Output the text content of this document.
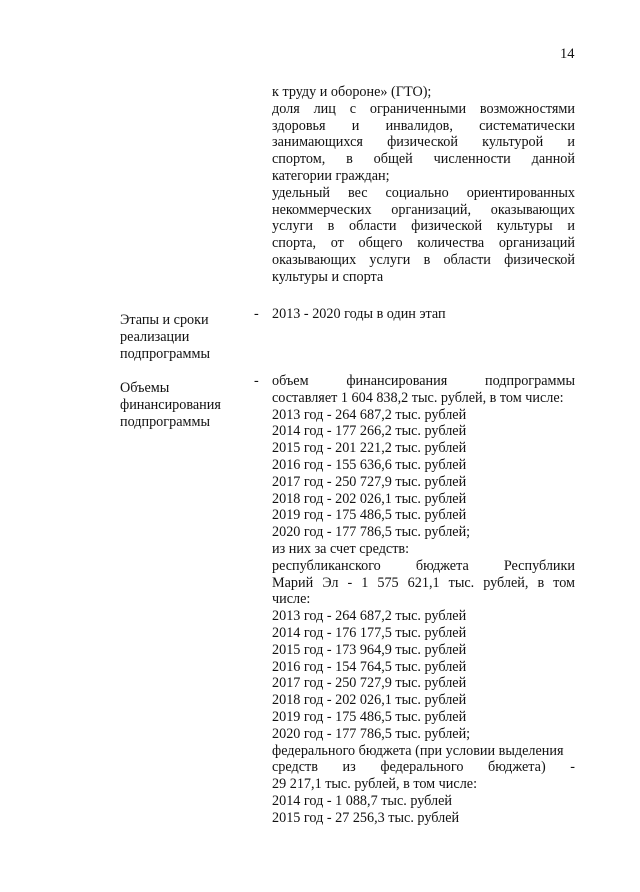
14
к труду и обороне» (ГТО);
доля лиц с ограниченными возможностями
здоровья и инвалидов, систематически
занимающихся физической культурой и
спортом, в общей численности данной
категории граждан;
удельный вес социально ориентированных
некоммерческих организаций, оказывающих
услуги в области физической культуры и
спорта, от общего количества организаций
оказывающих услуги в области физической
культуры и спорта
Этапы и сроки
реализации
подпрограммы
- 2013 - 2020 годы в один этап
Объемы
финансирования
подпрограммы
- объем финансирования подпрограммы
составляет 1 604 838,2 тыс. рублей, в том числе:
2013 год - 264 687,2 тыс. рублей
2014 год - 177 266,2 тыс. рублей
2015 год - 201 221,2 тыс. рублей
2016 год - 155 636,6 тыс. рублей
2017 год - 250 727,9 тыс. рублей
2018 год - 202 026,1 тыс. рублей
2019 год - 175 486,5 тыс. рублей
2020 год - 177 786,5 тыс. рублей;
из них за счет средств:
республиканского бюджета Республики
Марий Эл - 1 575 621,1 тыс. рублей, в том
числе:
2013 год - 264 687,2 тыс. рублей
2014 год - 176 177,5 тыс. рублей
2015 год - 173 964,9 тыс. рублей
2016 год - 154 764,5 тыс. рублей
2017 год - 250 727,9 тыс. рублей
2018 год - 202 026,1 тыс. рублей
2019 год - 175 486,5 тыс. рублей
2020 год - 177 786,5 тыс. рублей;
федерального бюджета (при условии выделения
средств из федерального бюджета) -
29 217,1 тыс. рублей, в том числе:
2014 год - 1 088,7 тыс. рублей
2015 год - 27 256,3 тыс. рублей
